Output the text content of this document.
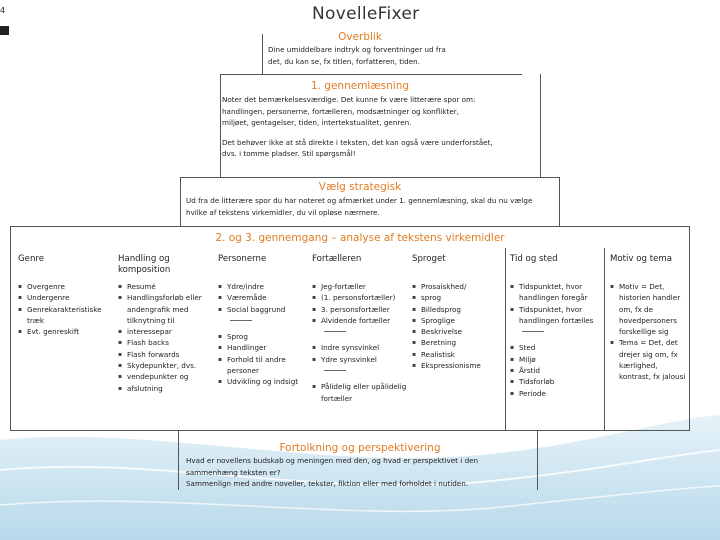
4	NovelleFixer
Overblik
Dine umiddelbare indtryk og forventninger ud fra
det, du kan se, fx titlen, forfatteren, tiden.
1. gennemlæsning
Noter det bemærkelsesværdige. Det kunne fx være litterære spor om:
handlingen, personerne, fortælleren, modsætninger og konflikter,
miljøet, gentagelser, tiden, intertekstualitet, genren.
Det behøver ikke at stå direkte i teksten, det kan også være underforstået,
dvs. i tomme pladser. Stil spørgsmål!
Vælg strategisk
Ud fra de litterære spor du har noteret og afmærket under 1. gennemlæsning, skal du nu vælge
hvilke af tekstens virkemidler, du vil opløse nærmere.
2. og 3. gennemgang – analyse af tekstens virkemidler
Genre
▪ Overgenre
▪ Undergenre
▪ Genrekarakteristiske træk
▪ Evt. genreskift
Handling og
komposition
▪ Resumé
▪ Handlingsforløb eller andengrafik med tilknytning til
▪ interessepar
▪ Flash backs
▪ Flash forwards
▪ Skydepunkter, dvs.
▪ vendepunkter og
▪ afslutning
Personerne
▪ Ydre/indre
▪ Væremåde
▪ Social baggrund
▪ Sprog
▪ Handlinger
▪ Forhold til andre personer
▪ Udvikling og indsigt
Fortælleren
▪ Jeg-fortæller
▪ (1. personsfortæller)
▪ 3. personsfortæller
▪ Alvidende fortæller
▪ Indre synsvinkel
▪ Ydre synsvinkel
▪ Pålidelig eller upålidelig fortæller
Sproget
▪ Prosaiskhed/
▪ sprog
▪ Billedsprog
▪ Sproglige
▪ Beskrivelse
▪ Beretning
▪ Realistisk
▪ Ekspressionisme
Tid og sted
▪ Tidspunktet, hvor handlingen foregår
▪ Tidspunktet, hvor handlingen fortælles
▪ Sted
▪ Miljø
▪ Årstid
▪ Tidsforløb
▪ Periode
Motiv og tema
▪ Motiv = Det, historien handler om, fx de hovedpersoners forskellige sig
▪ Tema = Det, det drejer sig om, fx kærlighed, kontrast, fx jalousi
Fortolkning og perspektivering
Hvad er novellens budskab og meningen med den, og hvad er perspektivet i den sammenhæng teksten er?
Sammenlign med andre noveller, tekster, fiktion eller med forholdet i nutiden.
